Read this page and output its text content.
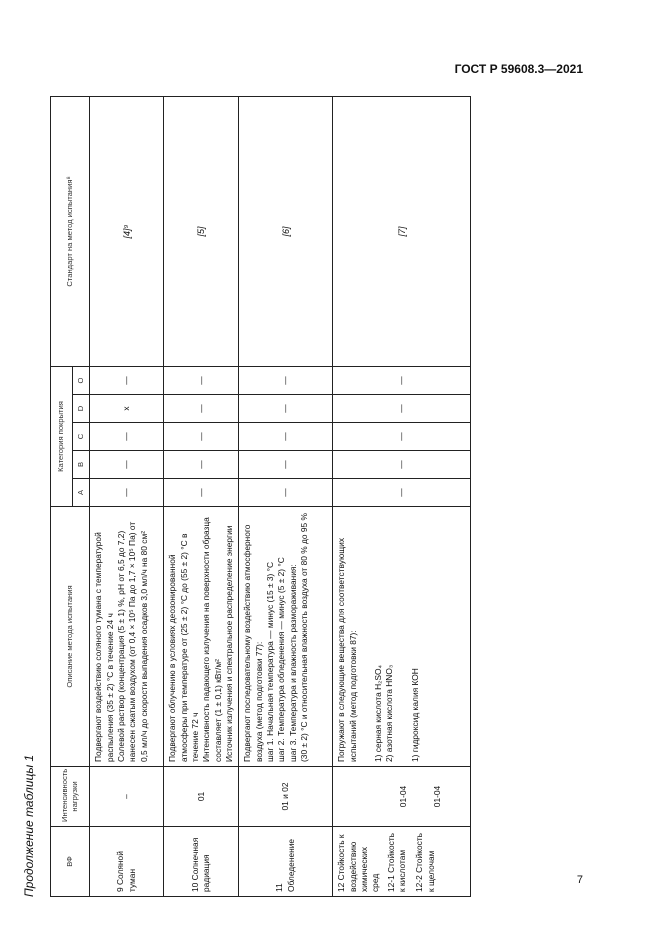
ГОСТ Р 59608.3—2021
Продолжение таблицы 1	ВФ	Интенсивность нагрузки	Описание метода испытания	Категория покрытия					Стандарт на метод испытания⁸
			A	B	C	D	O	
9 Соляной туман	–	Подвергают воздействию соляного тумана с температурой распыления (35 ± 2) °С в течение 24 ч Солевой раствор (концентрация (5 ± 1) %, pH от 6,5 до 7,2) нанесен сжатым воздухом (от 0,4 × 10⁵ Па до 1,7 × 10⁵ Па) от 0,5 мл/ч до скорости выпадения осадков 3,0 мл/ч на 80 см²	—	—	—	x	—	[4]⁹
10 Солнечная радиация	01	Подвергают облучению в условиях деозонированной атмосферы при температуре от (25 ± 2) °С до (55 ± 2) °С в течение 72 ч Интенсивность падающего излучения на поверхности образца составляет (1 ± 0,1) кВт/м² Источник излучения и спектральное распределение энергии	—	—	—	—	—	[5]
11 Обледенение	01 и 02	Подвергают последовательному воздействию атмосферного воздуха (метод подготовки 77): шаг 1. Начальная температура — минус (15 ± 3) °С шаг 2. Температура обледенения — минус (5 ± 2) °С шаг 3. Температура и влажность размораживания: (30 ± 2) °С и относительная влажность воздуха от 80 % до 95 %	—	—	—	—	—	[6]

12 Стойкость к воздействию химических сред 12-1 Стойкость к кислотам 12-2 Стойкость к щелочам	01-04 01-04	Погружают в следующие вещества для соответствующих испытаний (метод подготовки 87): 1) серная кислота H₂SO₄ 2) азотная кислота HNO₃ 1) гидроксид калия КОН	—	—	—	—	—	[7]
7
